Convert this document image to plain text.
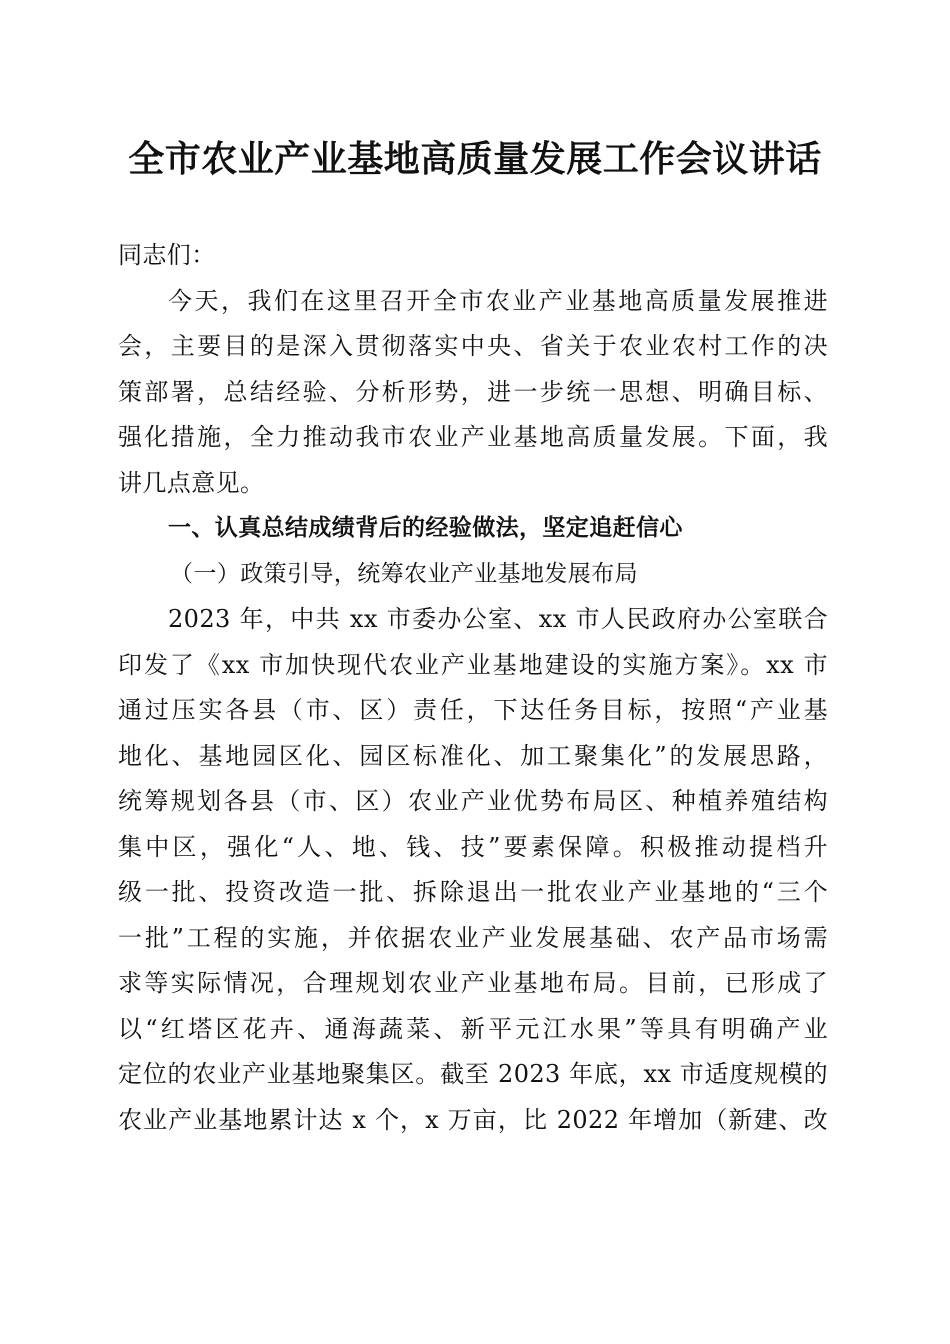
全市农业产业基地高质量发展工作会议讲话
同志们：
今天，我们在这里召开全市农业产业基地高质量发展推进
会，主要目的是深入贯彻落实中央、省关于农业农村工作的决
策部署，总结经验、分析形势，进一步统一思想、明确目标、
强化措施，全力推动我市农业产业基地高质量发展。下面，我
讲几点意见。
一、认真总结成绩背后的经验做法，坚定追赶信心
（一）政策引导，统筹农业产业基地发展布局
2023 年，中共 xx 市委办公室、xx 市人民政府办公室联合
印发了《xx 市加快现代农业产业基地建设的实施方案》。xx 市
通过压实各县（市、区）责任，下达任务目标，按照“产业基
地化、基地园区化、园区标准化、加工聚集化”的发展思路，
统筹规划各县（市、区）农业产业优势布局区、种植养殖结构
集中区，强化“人、地、钱、技”要素保障。积极推动提档升
级一批、投资改造一批、拆除退出一批农业产业基地的“三个
一批”工程的实施，并依据农业产业发展基础、农产品市场需
求等实际情况，合理规划农业产业基地布局。目前，已形成了
以“红塔区花卉、通海蔬菜、新平元江水果”等具有明确产业
定位的农业产业基地聚集区。截至 2023 年底，xx 市适度规模的
农业产业基地累计达 x 个，x 万亩，比 2022 年增加（新建、改
